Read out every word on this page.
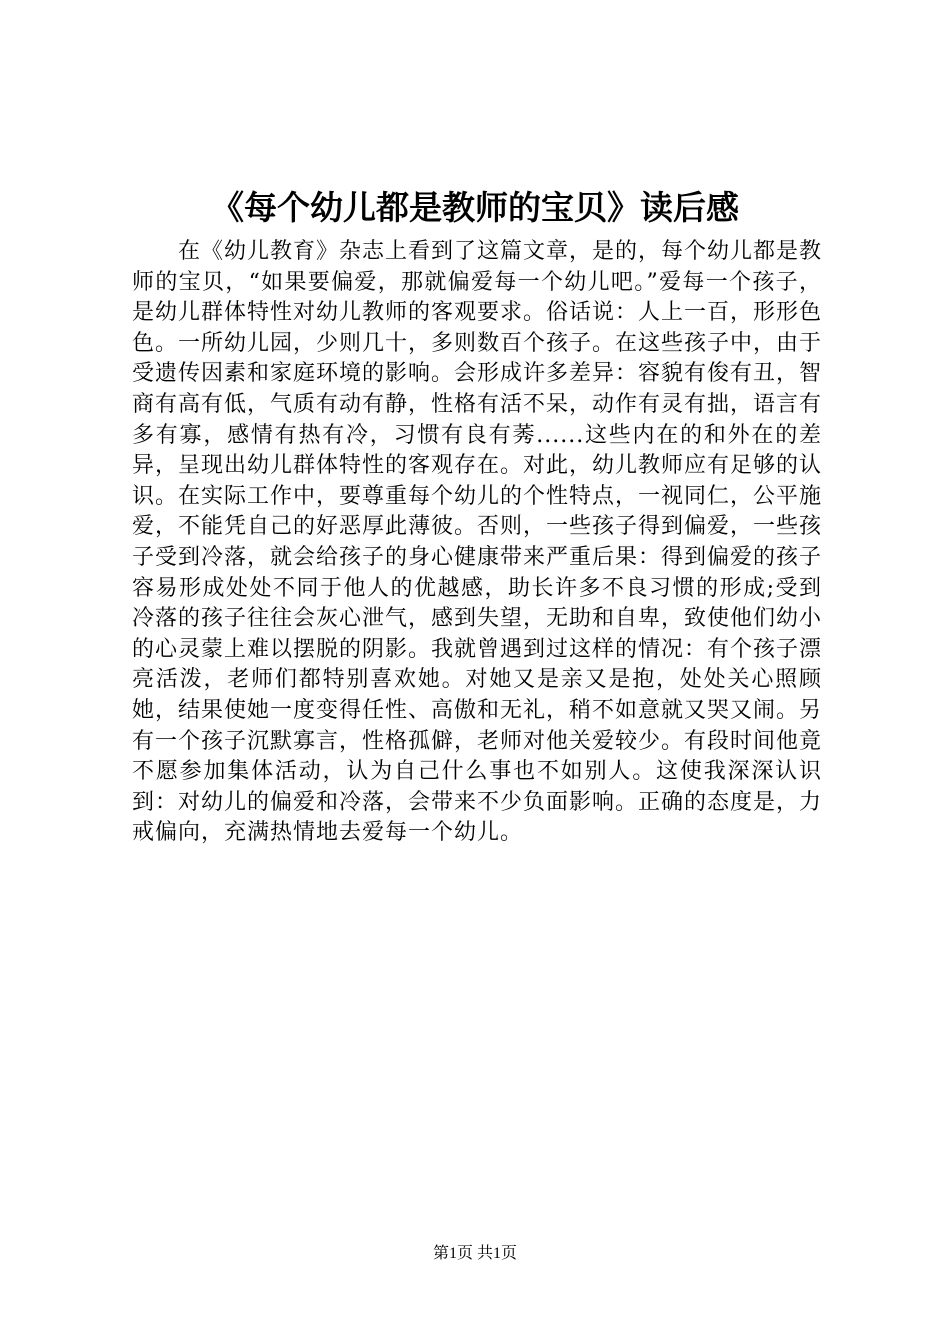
《每个幼儿都是教师的宝贝》读后感

在《幼儿教育》杂志上看到了这篇文章，是的，每个幼儿都是教师的宝贝，“如果要偏爱，那就偏爱每一个幼儿吧。”爱每一个孩子，是幼儿群体特性对幼儿教师的客观要求。俗话说：人上一百，形形色色。一所幼儿园，少则几十，多则数百个孩子。在这些孩子中，由于受遗传因素和家庭环境的影响。会形成许多差异：容貌有俊有丑，智商有高有低，气质有动有静，性格有活不呆，动作有灵有拙，语言有多有寡，感情有热有冷，习惯有良有莠......这些内在的和外在的差异，呈现出幼儿群体特性的客观存在。对此，幼儿教师应有足够的认识。在实际工作中，要尊重每个幼儿的个性特点，一视同仁，公平施爱，不能凭自己的好恶厚此薄彼。否则，一些孩子得到偏爱，一些孩子受到冷落，就会给孩子的身心健康带来严重后果：得到偏爱的孩子容易形成处处不同于他人的优越感，助长许多不良习惯的形成;受到冷落的孩子往往会灰心泄气，感到失望，无助和自卑，致使他们幼小的心灵蒙上难以摆脱的阴影。我就曾遇到过这样的情况：有个孩子漂亮活泼，老师们都特别喜欢她。对她又是亲又是抱，处处关心照顾她，结果使她一度变得任性、高傲和无礼，稍不如意就又哭又闹。另有一个孩子沉默寡言，性格孤僻，老师对他关爱较少。有段时间他竟不愿参加集体活动，认为自己什么事也不如别人。这使我深深认识到：对幼儿的偏爱和冷落，会带来不少负面影响。正确的态度是，力戒偏向，充满热情地去爱每一个幼儿。

第1页 共1页
